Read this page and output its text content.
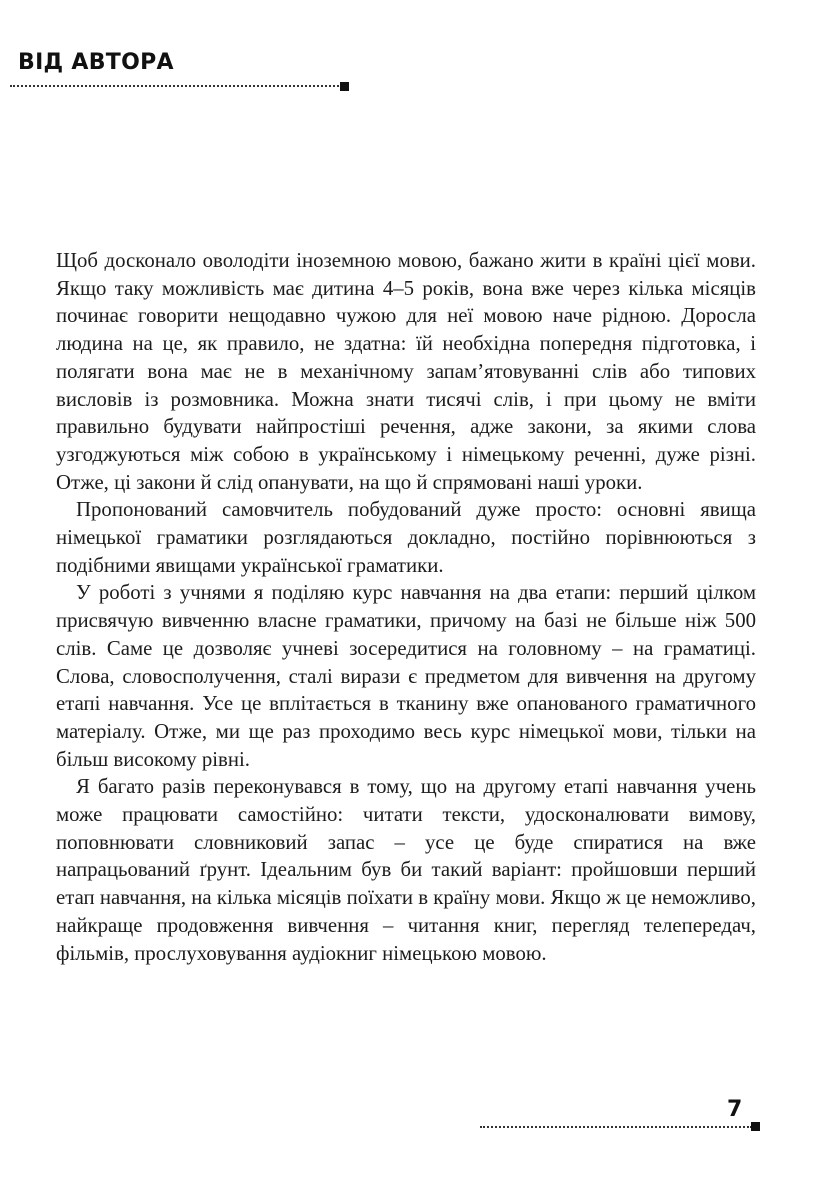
ВІД АВТОРА

Щоб досконало оволодіти іноземною мовою, бажано жити в країні цієї мови. Якщо таку можливість має дитина 4–5 років, вона вже через кілька місяців починає говорити нещодавно чужою для неї мовою наче рідною. Доросла людина на це, як правило, не здатна: їй необхідна попередня підготовка, і полягати вона має не в механічному запам’ятовуванні слів або типових висловів із розмовника. Можна знати тисячі слів, і при цьому не вміти правильно будувати найпростіші речення, адже закони, за якими слова узгоджуються між собою в українському і німецькому реченні, дуже різні. Отже, ці закони й слід опанувати, на що й спрямовані наші уроки.

Пропонований самовчитель побудований дуже просто: основні явища німецької граматики розглядаються докладно, постійно порівнюються з подібними явищами української граматики.

У роботі з учнями я поділяю курс навчання на два етапи: перший цілком присвячую вивченню власне граматики, причому на базі не більше ніж 500 слів. Саме це дозволяє учневі зосередитися на головному – на граматиці. Слова, словосполучення, сталі вирази є предметом для вивчення на другому етапі навчання. Усе це вплітається в тканину вже опанованого граматичного матеріалу. Отже, ми ще раз проходимо весь курс німецької мови, тільки на більш високому рівні.

Я багато разів переконувався в тому, що на другому етапі навчання учень може працювати самостійно: читати тексти, удосконалювати вимову, поповнювати словниковий запас – усе це буде спиратися на вже напрацьований ґрунт. Ідеальним був би такий варіант: пройшовши перший етап навчання, на кілька місяців поїхати в країну мови. Якщо ж це неможливо, найкраще продовження вивчення – читання книг, перегляд телепередач, фільмів, прослуховування аудіокниг німецькою мовою.

7
